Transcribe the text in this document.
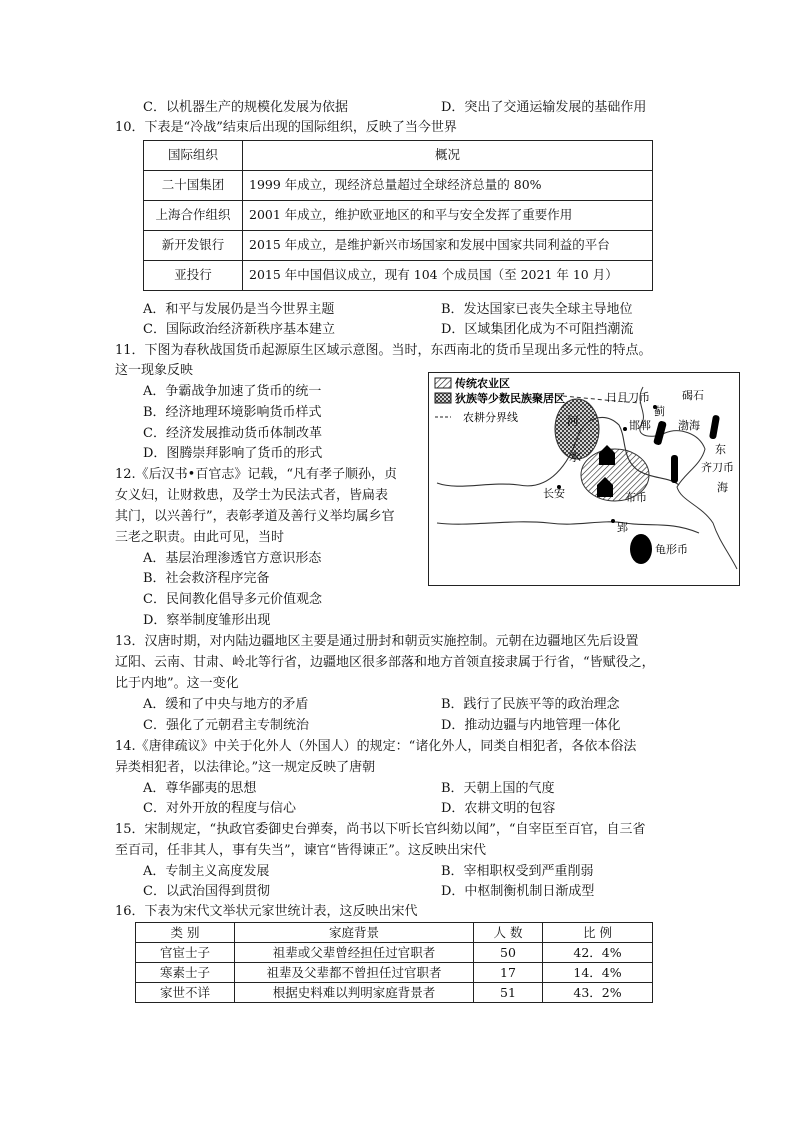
C．以机器生产的规模化发展为依据	D．突出了交通运输发展的基础作用
10．下表是“冷战”结束后出现的国际组织，反映了当今世界
国际组织	概况
二十国集团	1999 年成立，现经济总量超过全球经济总量的 80%
上海合作组织	2001 年成立，维护欧亚地区的和平与安全发挥了重要作用
新开发银行	2015 年成立，是维护新兴市场国家和发展中国家共同利益的平台
亚投行	2015 年中国倡议成立，现有 104 个成员国（至 2021 年 10 月）
A．和平与发展仍是当今世界主题	B．发达国家已丧失全球主导地位
C．国际政治经济新秩序基本建立	D．区域集团化成为不可阻挡潮流
11．下图为春秋战国货币起源原生区域示意图。当时，东西南北的货币呈现出多元性的特点。
这一现象反映
A．争霸战争加速了货币的统一
B．经济地理环境影响货币样式
C．经济发展推动货币体制改革
D．图腾崇拜影响了货币的形式
传统农业区
狄族等少数民族聚居区
农耕分界线
日月刀币	碣石
蓟
河	邯郸 渤海
东
水
齐刀币
长安	布币
海
郢
龟形币
12.《后汉书•百官志》记载，“凡有孝子顺孙，贞
女义妇，让财救患，及学士为民法式者，皆扁表
其门，以兴善行”，表彰孝道及善行义举均属乡官
三老之职责。由此可见，当时
A．基层治理渗透官方意识形态
B．社会救济程序完备
C．民间教化倡导多元价值观念
D．察举制度雏形出现
13．汉唐时期，对内陆边疆地区主要是通过册封和朝贡实施控制。元朝在边疆地区先后设置
辽阳、云南、甘肃、岭北等行省，边疆地区很多部落和地方首领直接隶属于行省，“皆赋役之，
比于内地”。这一变化
A．缓和了中央与地方的矛盾	B．践行了民族平等的政治理念
C．强化了元朝君主专制统治	D．推动边疆与内地管理一体化
14.《唐律疏议》中关于化外人（外国人）的规定：“诸化外人，同类自相犯者，各依本俗法
异类相犯者，以法律论。”这一规定反映了唐朝
A．尊华鄙夷的思想	B．天朝上国的气度
C．对外开放的程度与信心	D．农耕文明的包容
15．宋制规定，“执政官委御史台弹奏，尚书以下听长官纠劾以闻”，“自宰臣至百官，自三省
至百司，任非其人，事有失当”，谏官“皆得谏正”。这反映出宋代
A．专制主义高度发展	B．宰相职权受到严重削弱
C．以武治国得到贯彻	D．中枢制衡机制日渐成型
16．下表为宋代文举状元家世统计表，这反映出宋代
类 别	家庭背景	人 数	比 例
官宦士子	祖辈或父辈曾经担任过官职者	50	42．4%
寒素士子	祖辈及父辈都不曾担任过官职者	17	14．4%
家世不详	根据史料难以判明家庭背景者	51	43．2%
